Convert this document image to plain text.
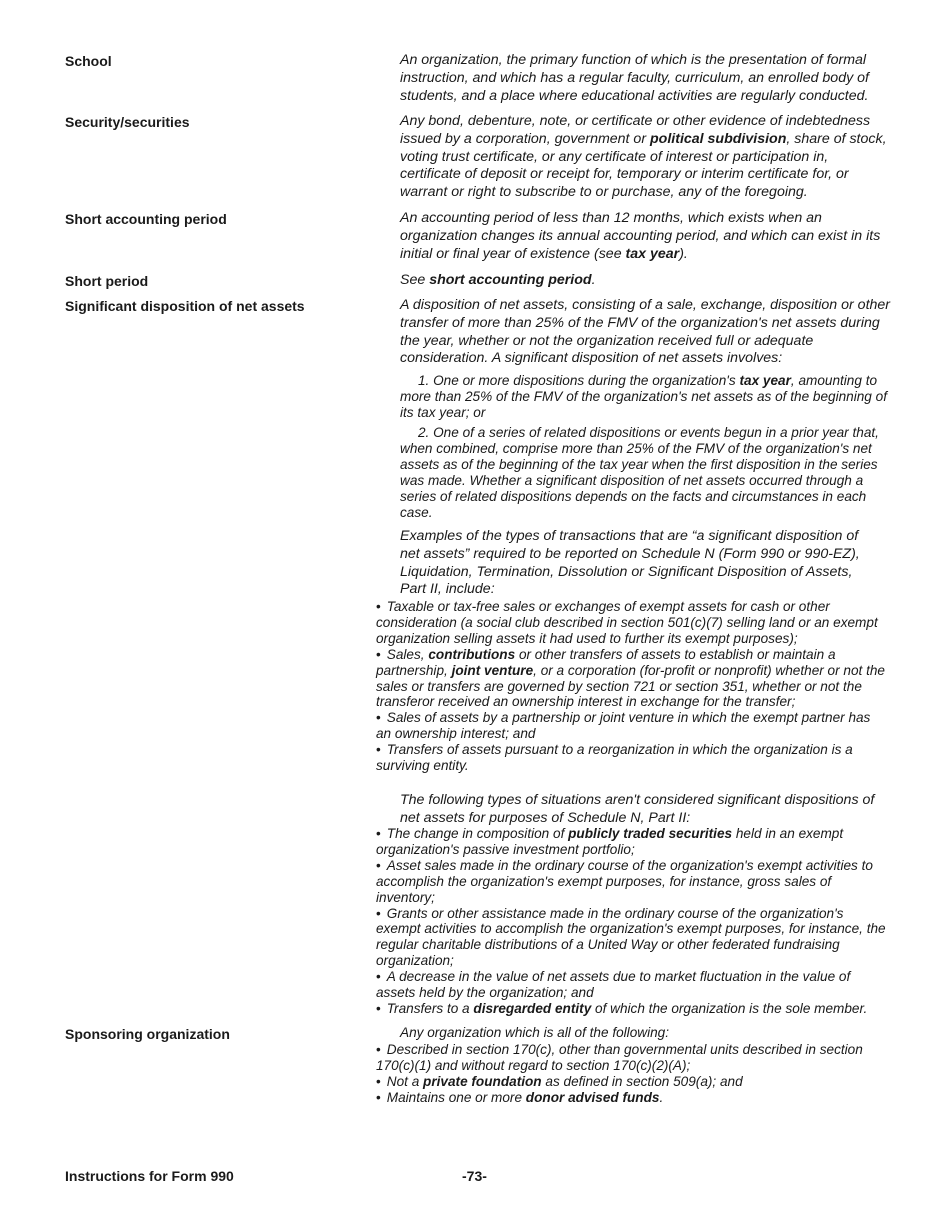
School	An organization, the primary function of which is the presentation of formal instruction, and which has a regular faculty, curriculum, an enrolled body of students, and a place where educational activities are regularly conducted.
Security/securities	Any bond, debenture, note, or certificate or other evidence of indebtedness issued by a corporation, government or political subdivision, share of stock, voting trust certificate, or any certificate of interest or participation in, certificate of deposit or receipt for, temporary or interim certificate for, or warrant or right to subscribe to or purchase, any of the foregoing.
Short accounting period	An accounting period of less than 12 months, which exists when an organization changes its annual accounting period, and which can exist in its initial or final year of existence (see tax year).
Short period	See short accounting period.
Significant disposition of net assets	A disposition of net assets, consisting of a sale, exchange, disposition or other transfer of more than 25% of the FMV of the organization's net assets during the year, whether or not the organization received full or adequate consideration. A significant disposition of net assets involves:
1. One or more dispositions during the organization's tax year, amounting to more than 25% of the FMV of the organization's net assets as of the beginning of its tax year; or
2. One of a series of related dispositions or events begun in a prior year that, when combined, comprise more than 25% of the FMV of the organization's net assets as of the beginning of the tax year when the first disposition in the series was made. Whether a significant disposition of net assets occurred through a series of related dispositions depends on the facts and circumstances in each case.
Examples of the types of transactions that are “a significant disposition of net assets” required to be reported on Schedule N (Form 990 or 990-EZ), Liquidation, Termination, Dissolution or Significant Disposition of Assets, Part II, include:
• Taxable or tax-free sales or exchanges of exempt assets for cash or other consideration (a social club described in section 501(c)(7) selling land or an exempt organization selling assets it had used to further its exempt purposes);
• Sales, contributions or other transfers of assets to establish or maintain a partnership, joint venture, or a corporation (for-profit or nonprofit) whether or not the sales or transfers are governed by section 721 or section 351, whether or not the transferor received an ownership interest in exchange for the transfer;
• Sales of assets by a partnership or joint venture in which the exempt partner has an ownership interest; and
• Transfers of assets pursuant to a reorganization in which the organization is a surviving entity.
The following types of situations aren't considered significant dispositions of net assets for purposes of Schedule N, Part II:
• The change in composition of publicly traded securities held in an exempt organization's passive investment portfolio;
• Asset sales made in the ordinary course of the organization's exempt activities to accomplish the organization's exempt purposes, for instance, gross sales of inventory;
• Grants or other assistance made in the ordinary course of the organization's exempt activities to accomplish the organization's exempt purposes, for instance, the regular charitable distributions of a United Way or other federated fundraising organization;
• A decrease in the value of net assets due to market fluctuation in the value of assets held by the organization; and
• Transfers to a disregarded entity of which the organization is the sole member.
Sponsoring organization	Any organization which is all of the following:
• Described in section 170(c), other than governmental units described in section 170(c)(1) and without regard to section 170(c)(2)(A);
• Not a private foundation as defined in section 509(a); and
• Maintains one or more donor advised funds.
Instructions for Form 990	-73-
